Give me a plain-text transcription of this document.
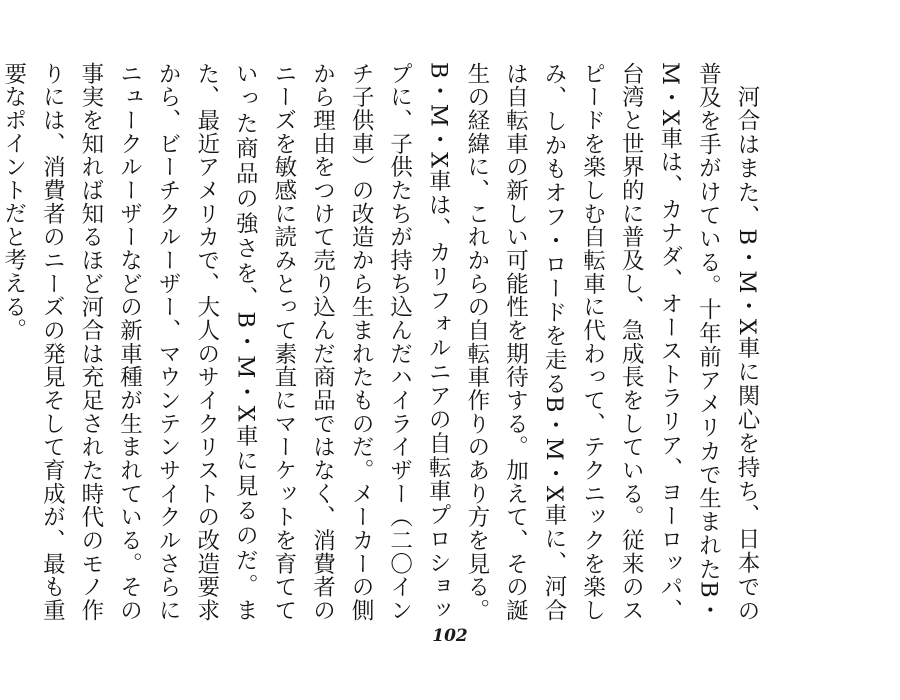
河合はまた、B・M・X車に関心を持ち、日本での普及を手がけている。十年前アメリカで生まれたB・M・X車は、カナダ、オーストラリア、ヨーロッパ、台湾と世界的に普及し、急成長をしている。従来のスピードを楽しむ自転車に代わって、テクニックを楽しみ、しかもオフ・ロードを走るB・M・X車に、河合は自転車の新しい可能性を期待する。加えて、その誕生の経緯に、これからの自転車作りのあり方を見る。B・M・X車は、カリフォルニアの自転車プロショップに、子供たちが持ち込んだハイライザー（二〇インチ子供車）の改造から生まれたものだ。メーカーの側から理由をつけて売り込んだ商品ではなく、消費者のニーズを敏感に読みとって素直にマーケットを育てていった商品の強さを、B・M・X車に見るのだ。また、最近アメリカで、大人のサイクリストの改造要求から、ビーチクルーザー、マウンテンサイクルさらにニュークルーザーなどの新車種が生まれている。その事実を知れば知るほど河合は充足された時代のモノ作りには、消費者のニーズの発見そして育成が、最も重要なポイントだと考える。

102
